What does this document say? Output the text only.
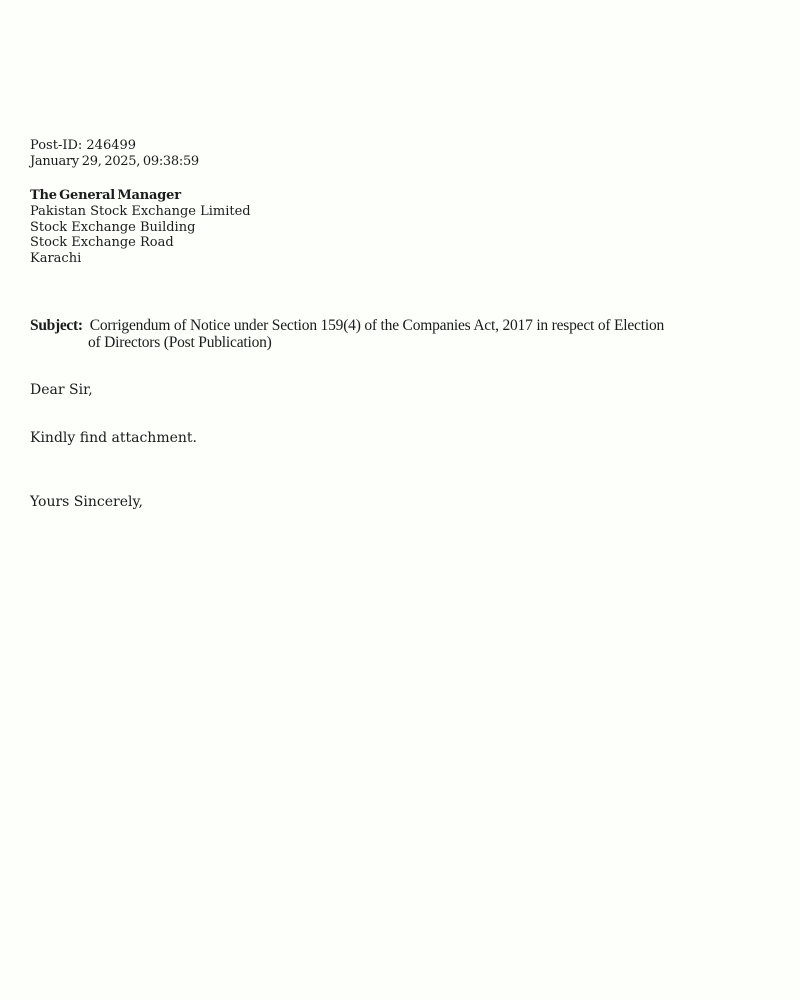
Post-ID: 246499
January 29, 2025, 09:38:59
The General Manager
Pakistan Stock Exchange Limited
Stock Exchange Building
Stock Exchange Road
Karachi

Subject: Corrigendum of Notice under Section 159(4) of the Companies Act, 2017 in respect of Election
of Directors (Post Publication)

Dear Sir,
Kindly find attachment.
Yours Sincerely,
